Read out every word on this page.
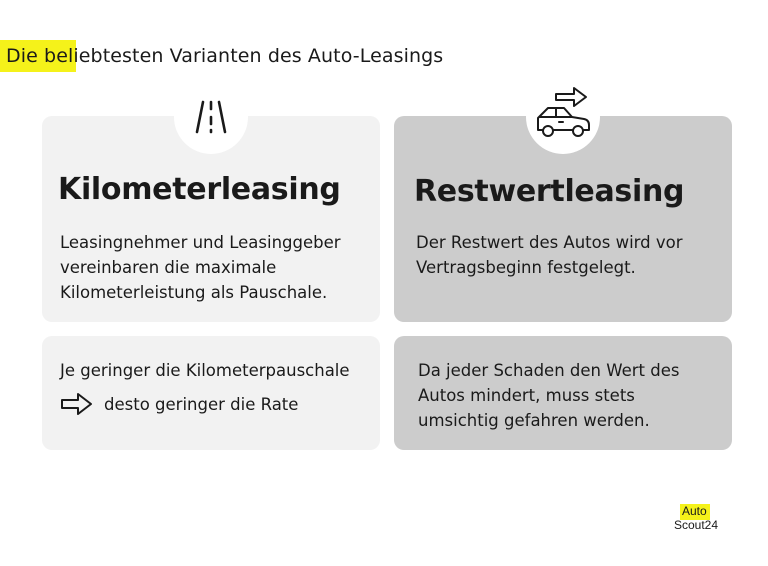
Die beliebtesten Varianten des Auto-Leasings
Kilometerleasing Restwertleasing
Leasingnehmer und Leasinggeber
vereinbaren die maximale
Kilometerleistung als Pauschale.
Der Restwert des Autos wird vor
Vertragsbeginn festgelegt.
Je geringer die Kilometerpauschale
desto geringer die Rate
Da jeder Schaden den Wert des
Autos mindert, muss stets
umsichtig gefahren werden.
Auto
Scout24
